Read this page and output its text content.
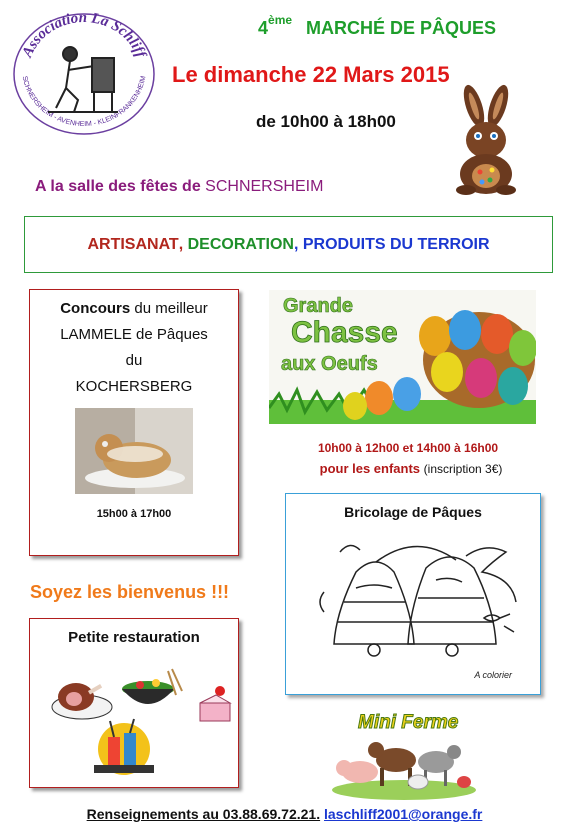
Association La Schliff
SCHNERSHEIM - AVENHEIM - KLEINFRANKENHEIM
4ème MARCHÉ DE PÂQUES
Le dimanche 22 Mars 2015
de 10h00 à 18h00
A la salle des fêtes de SCHNERSHEIM
ARTISANAT , DECORATION , PRODUITS DU TERROIR
Concours du meilleur
LAMMELE de Pâques
du
KOCHERSBERG
15h00 à 17h00
Grande
Chasse
aux Oeufs
10h00 à 12h00 et 14h00 à 16h00
pour les enfants (inscription 3€)
Bricolage de Pâques
A colorier
Soyez les bienvenus !!!
Petite restauration
Mini Ferme
Renseignements au 03.88.69.72.21. laschliff2001@orange.fr
